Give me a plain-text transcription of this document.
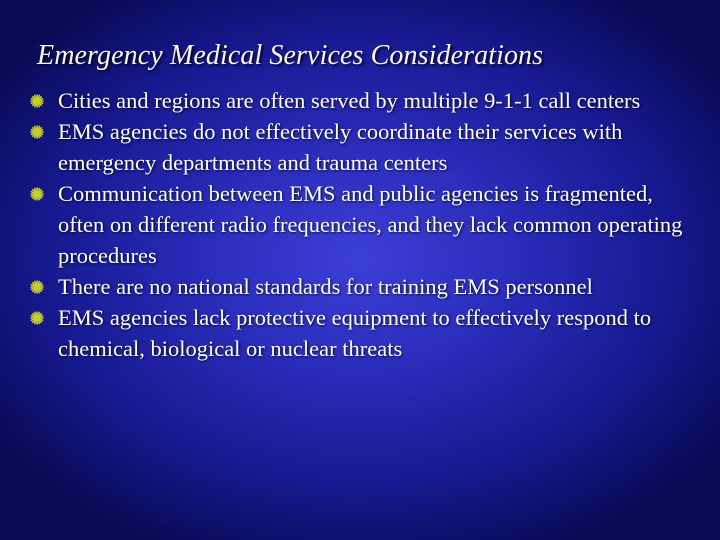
Emergency Medical Services Considerations
Cities and regions are often served by multiple 9-1-1 call centers
EMS agencies do not effectively coordinate their services with emergency departments and trauma centers
Communication between EMS and public agencies is fragmented, often on different radio frequencies, and they lack common operating procedures
There are no national standards for training EMS personnel
EMS agencies lack protective equipment to effectively respond to chemical, biological or nuclear threats
